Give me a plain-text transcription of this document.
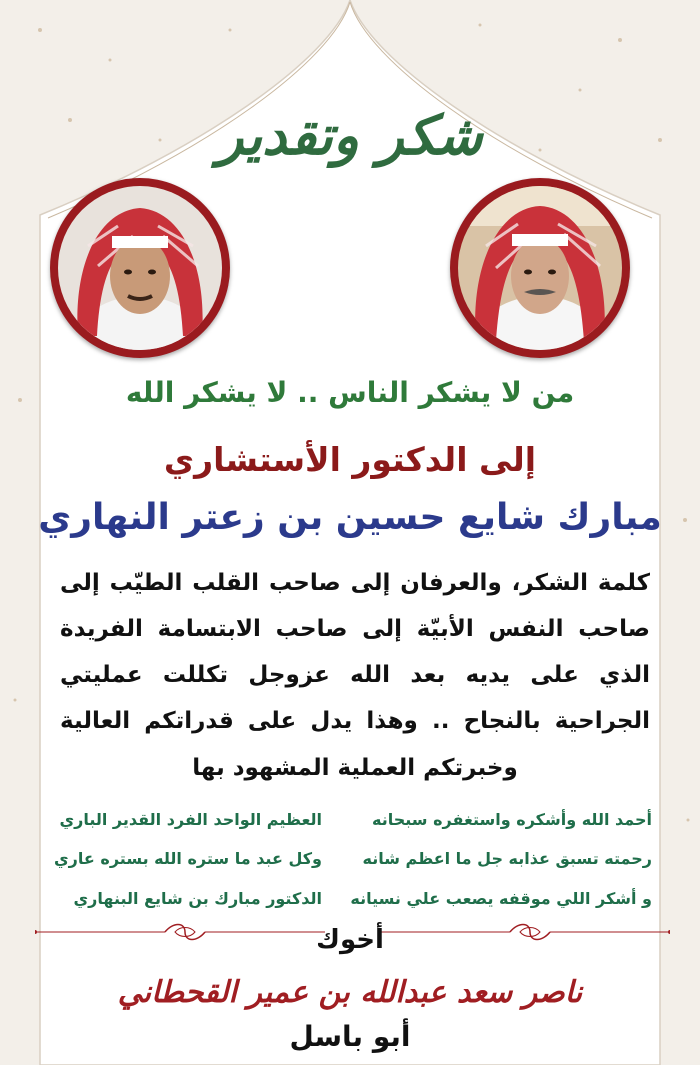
شكر وتقدير
من لا يشكر الناس .. لا يشكر الله
إلى الدكتور الأستشاري
مبارك شايع حسين بن زعتر النهاري
كلمة الشكر، والعرفان إلى صاحب القلب الطيّب إلى
صاحب النفس الأبيّة إلى صاحب الابتسامة الفريدة
الذي على يديه بعد الله عزوجل تكللت عمليتي
الجراحية بالنجاح .. وهذا يدل على قدراتكم العالية
وخبرتكم العملية المشهود بها
أحمد الله وأشكره واستغفره سبحانه
العظيم الواحد الفرد القدير الباري
رحمته تسبق عذابه جل ما اعظم شانه
وكل عبد ما ستره الله بستره عاري
و أشكر اللي موقفه يصعب علي نسيانه
الدكتور مبارك بن شايع البنهاري
أخوك
ناصر سعد عبدالله بن عمير القحطاني
أبو باسل
